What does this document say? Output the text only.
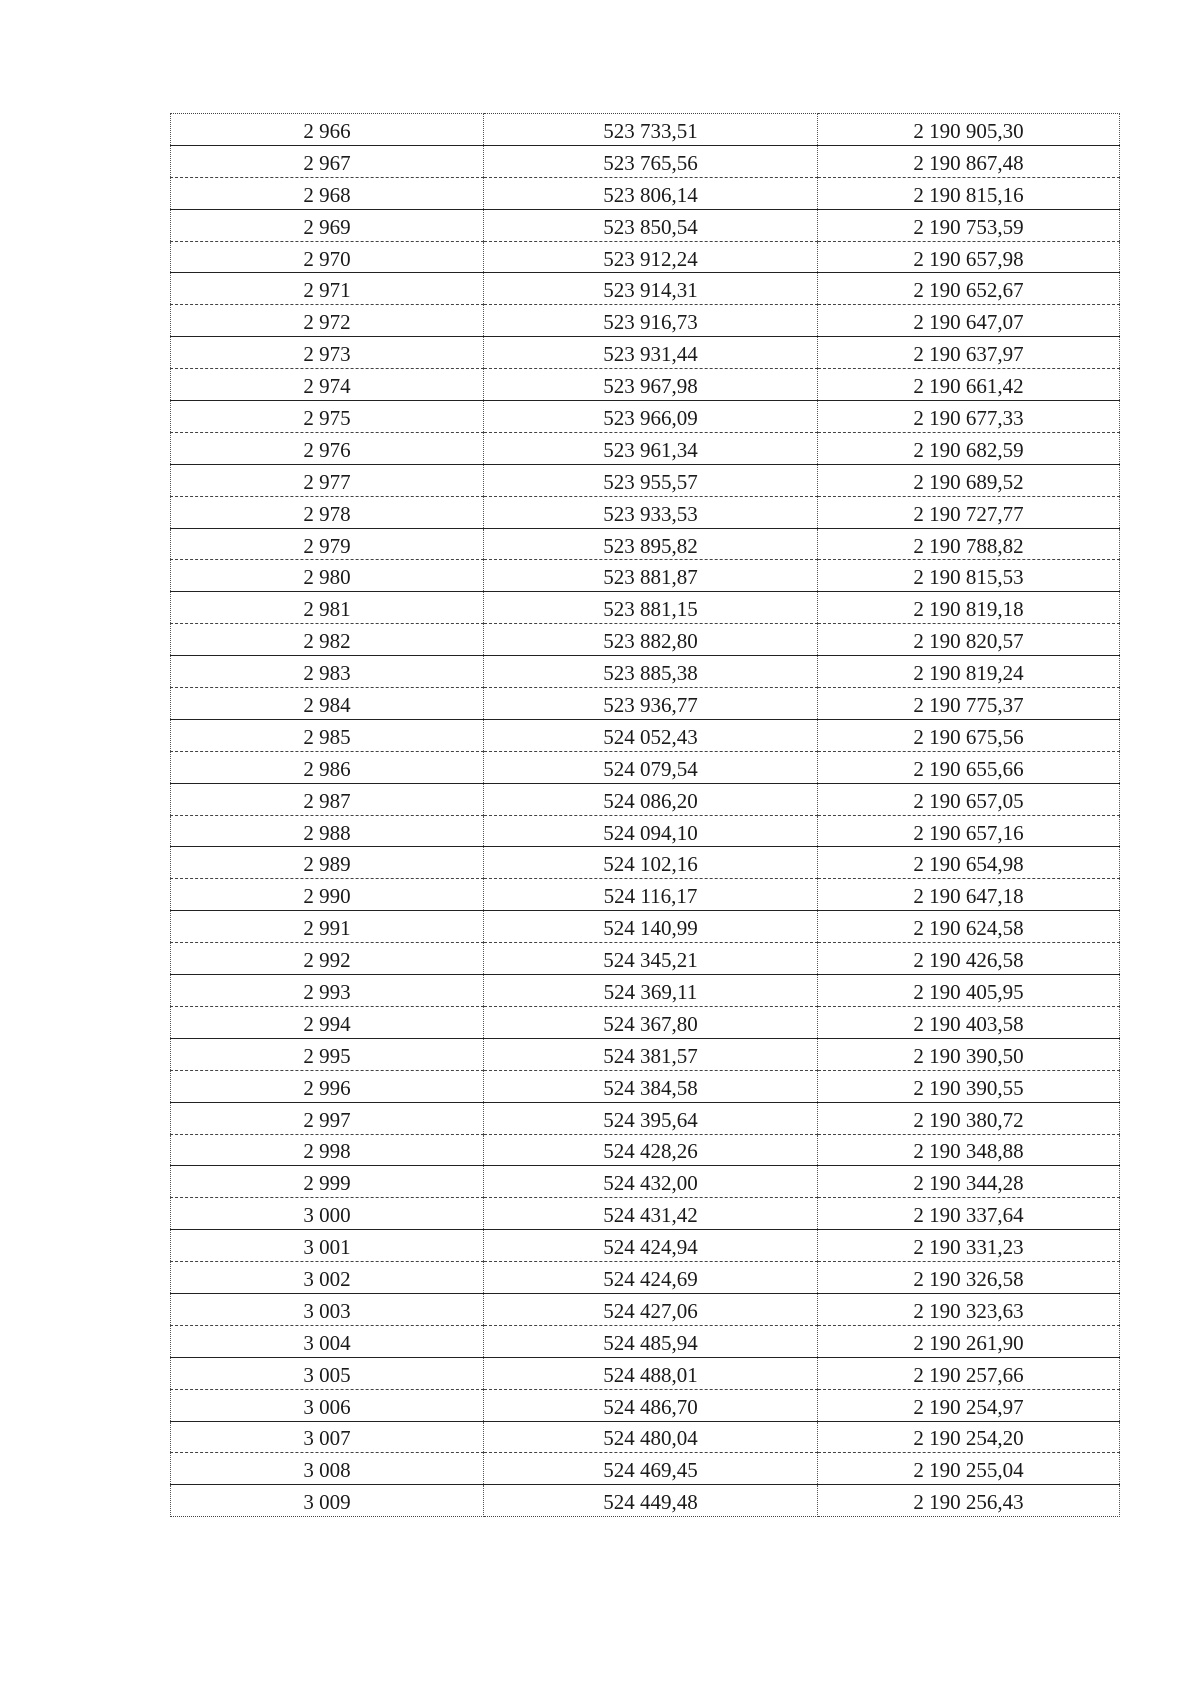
2 966	523 733,51	2 190 905,30
2 967	523 765,56	2 190 867,48
2 968	523 806,14	2 190 815,16
2 969	523 850,54	2 190 753,59
2 970	523 912,24	2 190 657,98
2 971	523 914,31	2 190 652,67
2 972	523 916,73	2 190 647,07
2 973	523 931,44	2 190 637,97
2 974	523 967,98	2 190 661,42
2 975	523 966,09	2 190 677,33
2 976	523 961,34	2 190 682,59
2 977	523 955,57	2 190 689,52
2 978	523 933,53	2 190 727,77
2 979	523 895,82	2 190 788,82
2 980	523 881,87	2 190 815,53
2 981	523 881,15	2 190 819,18
2 982	523 882,80	2 190 820,57
2 983	523 885,38	2 190 819,24
2 984	523 936,77	2 190 775,37
2 985	524 052,43	2 190 675,56
2 986	524 079,54	2 190 655,66
2 987	524 086,20	2 190 657,05
2 988	524 094,10	2 190 657,16
2 989	524 102,16	2 190 654,98
2 990	524 116,17	2 190 647,18
2 991	524 140,99	2 190 624,58
2 992	524 345,21	2 190 426,58
2 993	524 369,11	2 190 405,95
2 994	524 367,80	2 190 403,58
2 995	524 381,57	2 190 390,50
2 996	524 384,58	2 190 390,55
2 997	524 395,64	2 190 380,72
2 998	524 428,26	2 190 348,88
2 999	524 432,00	2 190 344,28
3 000	524 431,42	2 190 337,64
3 001	524 424,94	2 190 331,23
3 002	524 424,69	2 190 326,58
3 003	524 427,06	2 190 323,63
3 004	524 485,94	2 190 261,90
3 005	524 488,01	2 190 257,66
3 006	524 486,70	2 190 254,97
3 007	524 480,04	2 190 254,20
3 008	524 469,45	2 190 255,04
3 009	524 449,48	2 190 256,43
